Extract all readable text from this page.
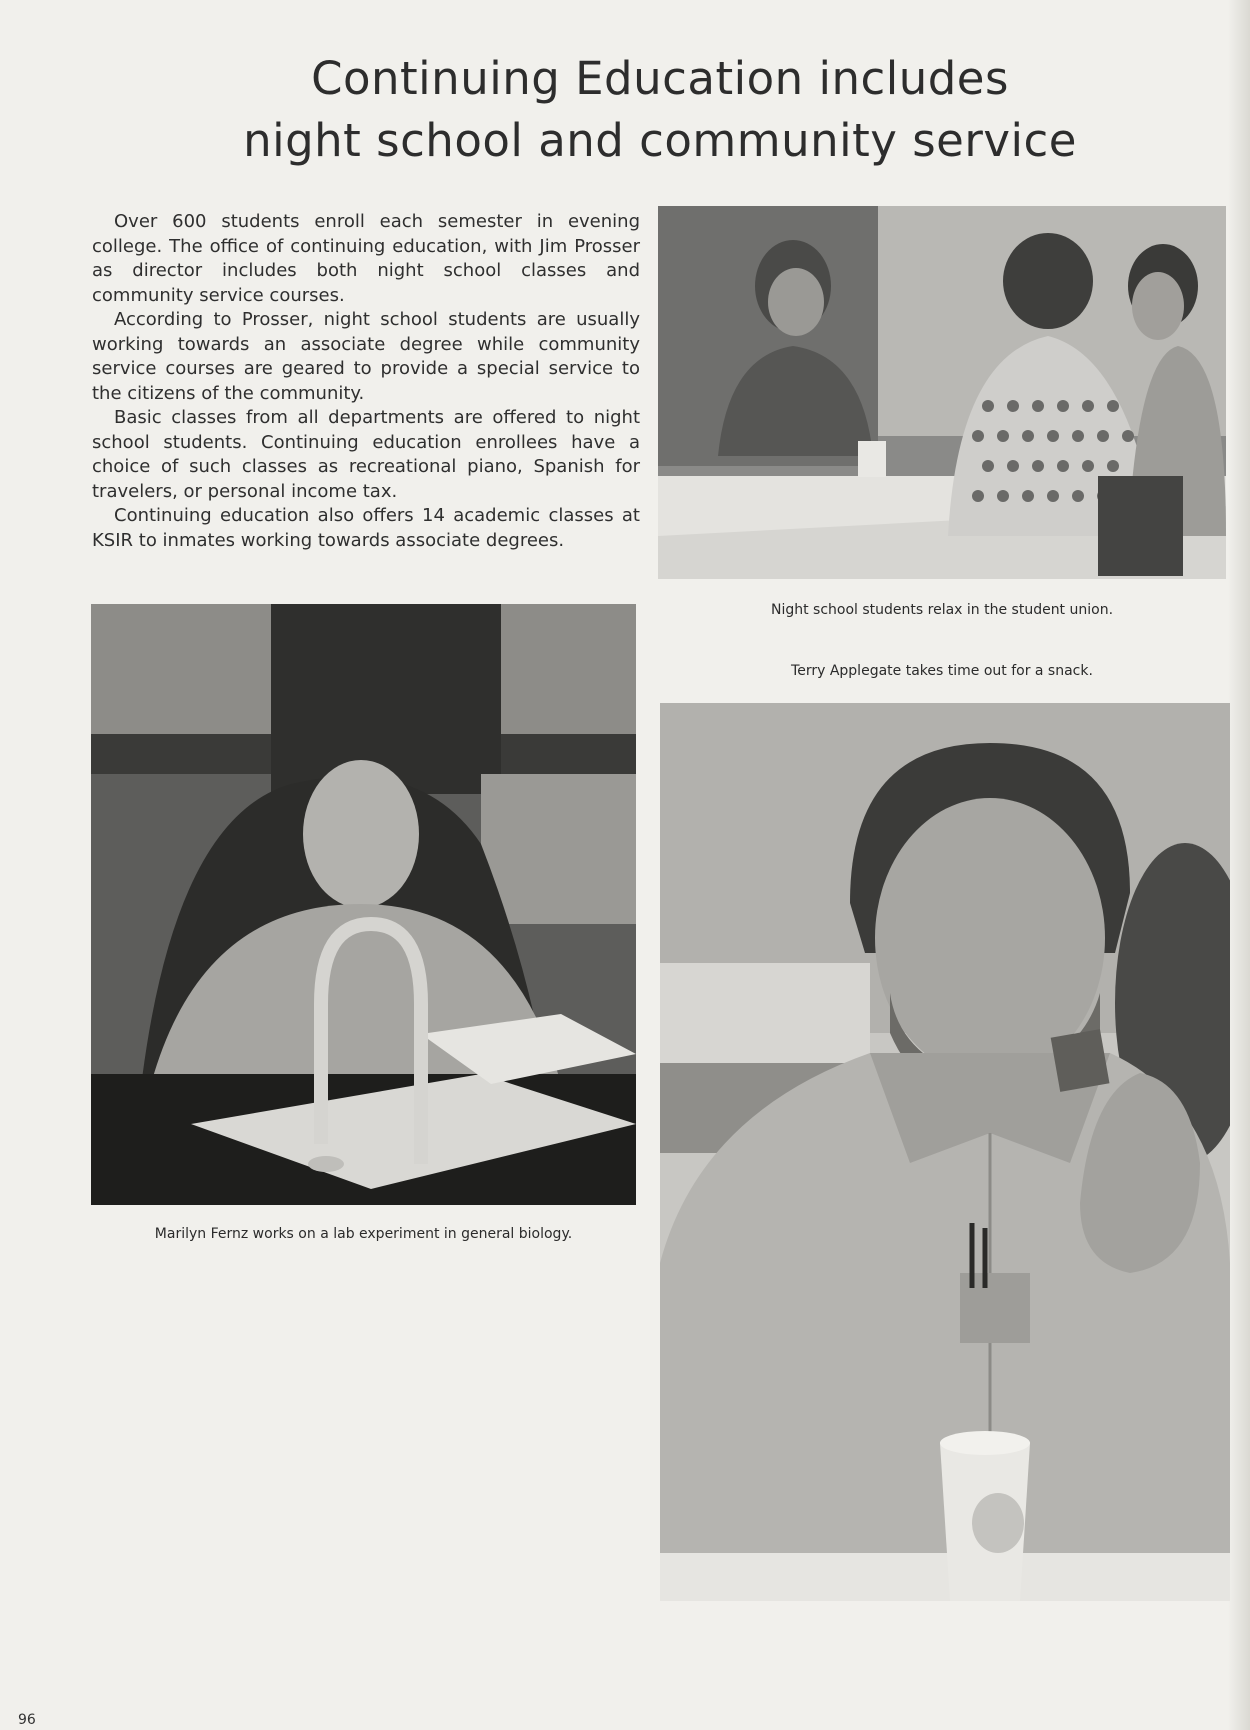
Continuing Education includes
night school and community service

Over 600 students enroll each semester in evening college. The office of continuing education, with Jim Prosser as director includes both night school classes and community service courses.

According to Prosser, night school students are usually working towards an associate degree while community service courses are geared to provide a special service to the citizens of the community.

Basic classes from all departments are offered to night school students. Continuing education enrollees have a choice of such classes as recreational piano, Spanish for travelers, or personal income tax.

Continuing education also offers 14 academic classes at KSIR to inmates working towards associate degrees.

Night school students relax in the student union.
Terry Applegate takes time out for a snack.
Marilyn Fernz works on a lab experiment in general biology.
96
